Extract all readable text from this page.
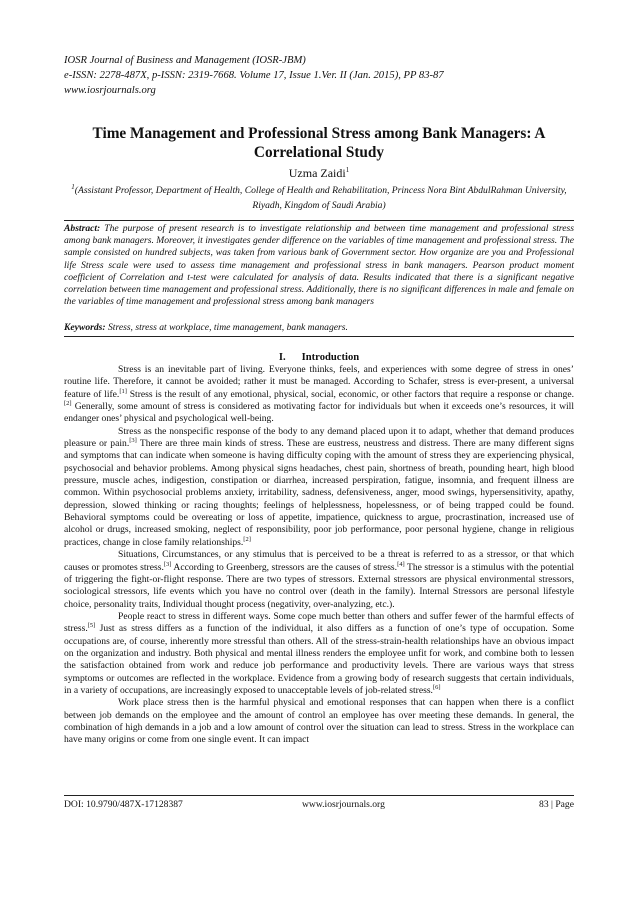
IOSR Journal of Business and Management (IOSR-JBM)
e-ISSN: 2278-487X, p-ISSN: 2319-7668. Volume 17, Issue 1.Ver. II (Jan. 2015), PP 83-87
www.iosrjournals.org
Time Management and Professional Stress among Bank Managers: A Correlational Study
Uzma Zaidi$^1$
$^1$(Assistant Professor, Department of Health, College of Health and Rehabilitation, Princess Nora Bint AbdulRahman University, Riyadh, Kingdom of Saudi Arabia)
Abstract: The purpose of present research is to investigate relationship and between time management and professional stress among bank managers. Moreover, it investigates gender difference on the variables of time management and professional stress. The sample consisted on hundred subjects, was taken from various bank of Government sector. How organize are you and Professional life Stress scale were used to assess time management and professional stress in bank managers. Pearson product moment coefficient of Correlation and t-test were calculated for analysis of data. Results indicated that there is a significant negative correlation between time management and professional stress. Additionally, there is no significant differences in male and female on the variables of time management and professional stress among bank managers
Keywords: Stress, stress at workplace, time management, bank managers.
I. Introduction

Stress is an inevitable part of living. Everyone thinks, feels, and experiences with some degree of stress in ones’ routine life. Therefore, it cannot be avoided; rather it must be managed. According to Schafer, stress is ever-present, a universal feature of life.[1] Stress is the result of any emotional, physical, social, economic, or other factors that require a response or change. [2] Generally, some amount of stress is considered as motivating factor for individuals but when it exceeds one’s resources, it will endanger ones’ physical and psychological well-being.

Stress as the nonspecific response of the body to any demand placed upon it to adapt, whether that demand produces pleasure or pain.[3] There are three main kinds of stress. These are eustress, neustress and distress. There are many different signs and symptoms that can indicate when someone is having difficulty coping with the amount of stress they are experiencing physical, psychosocial and behavior problems. Among physical signs headaches, chest pain, shortness of breath, pounding heart, high blood pressure, muscle aches, indigestion, constipation or diarrhea, increased perspiration, fatigue, insomnia, and frequent illness are common. Within psychosocial problems anxiety, irritability, sadness, defensiveness, anger, mood swings, hypersensitivity, apathy, depression, slowed thinking or racing thoughts; feelings of helplessness, hopelessness, or of being trapped could be found. Behavioral symptoms could be overeating or loss of appetite, impatience, quickness to argue, procrastination, increased use of alcohol or drugs, increased smoking, neglect of responsibility, poor job performance, poor personal hygiene, change in religious practices, change in close family relationships.[2]

Situations, Circumstances, or any stimulus that is perceived to be a threat is referred to as a stressor, or that which causes or promotes stress.[3] According to Greenberg, stressors are the causes of stress.[4] The stressor is a stimulus with the potential of triggering the fight-or-flight response. There are two types of stressors. External stressors are physical environmental stressors, sociological stressors, life events which you have no control over (death in the family). Internal Stressors are personal lifestyle choice, personality traits, Individual thought process (negativity, over-analyzing, etc.).

People react to stress in different ways. Some cope much better than others and suffer fewer of the harmful effects of stress.[5] Just as stress differs as a function of the individual, it also differs as a function of one’s type of occupation. Some occupations are, of course, inherently more stressful than others. All of the stress-strain-health relationships have an obvious impact on the organization and industry. Both physical and mental illness renders the employee unfit for work, and combine both to lessen the satisfaction obtained from work and reduce job performance and productivity levels. There are various ways that stress symptoms or outcomes are reflected in the workplace. Evidence from a growing body of research suggests that certain individuals, in a variety of occupations, are increasingly exposed to unacceptable levels of job-related stress.[6]

Work place stress then is the harmful physical and emotional responses that can happen when there is a conflict between job demands on the employee and the amount of control an employee has over meeting these demands. In general, the combination of high demands in a job and a low amount of control over the situation can lead to stress. Stress in the workplace can have many origins or come from one single event. It can impact

DOI: 10.9790/487X-17128387	www.iosrjournals.org	83 | Page
